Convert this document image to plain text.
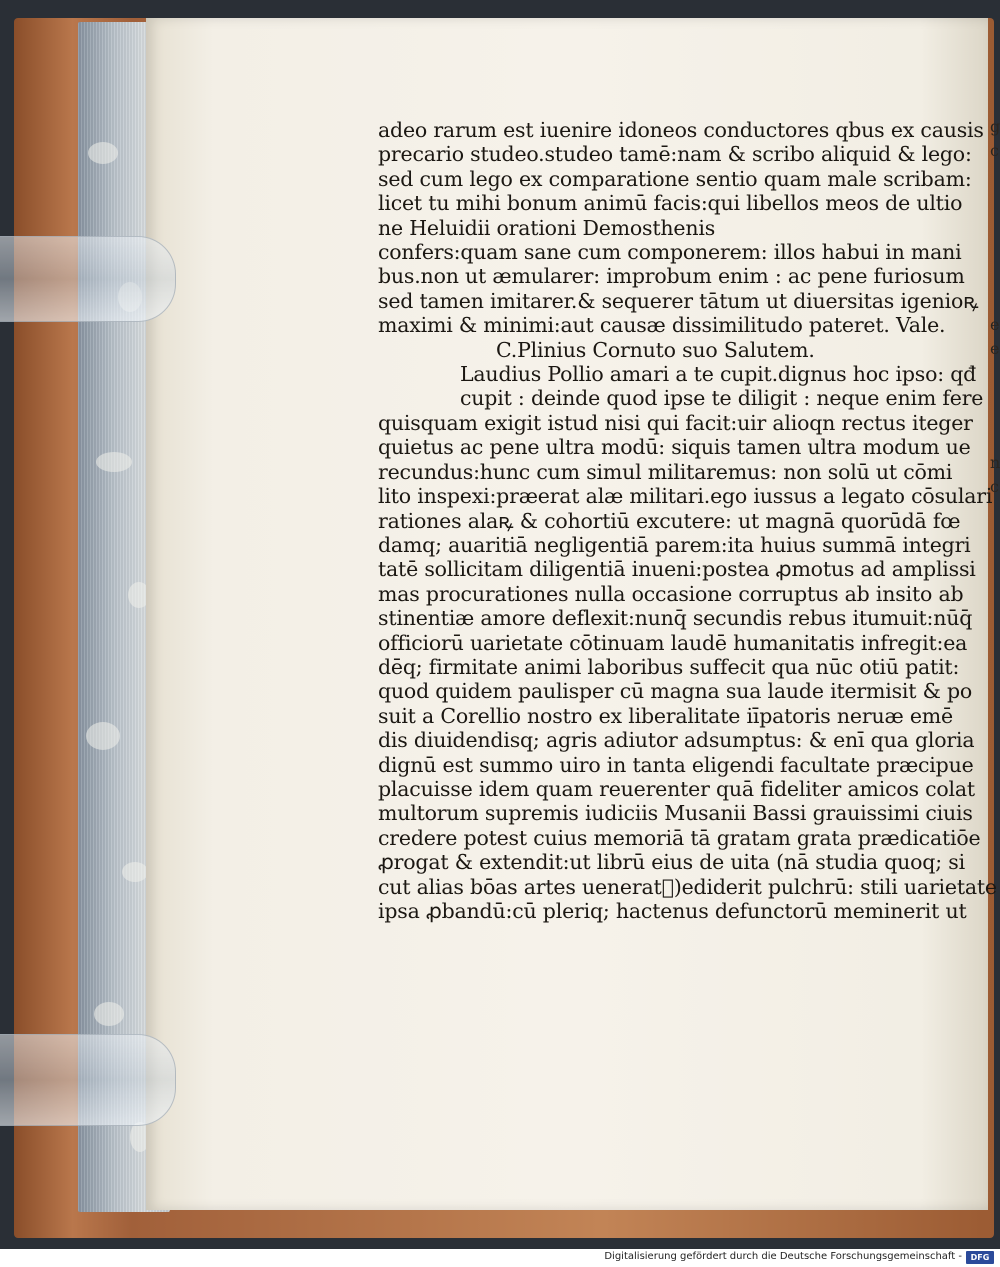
adeo rarum est iuenire idoneos conductores qbus ex causis
precario studeo.studeo tamē:nam & scribo aliquid & lego:
sed cum lego ex comparatione sentio quam male scribam:
licet tu mihi bonum animū facis:qui libellos meos de ultio
ne Heluidii orationi Demosthenis
confers:quam sane cum componerem: illos habui in mani
bus.non ut æmularer: improbum enim : ac pene furiosum
sed tamen imitarer.& sequerer tātum ut diuersitas igenioꝶ
maximi & minimi:aut causæ dissimilitudo pateret. Vale.
C.Plinius Cornuto suo Salutem.
Laudius Pollio amari a te cupit.dignus hoc ipso: qđ
cupit : deinde quod ipse te diligit : neque enim fere
quisquam exigit istud nisi qui facit:uir alioqn rectus iteger
quietus ac pene ultra modū: siquis tamen ultra modum ue
recundus:hunc cum simul militaremus: non solū ut cōmi
lito inspexi:præerat alæ militari.ego iussus a legato cōsulari
rationes alaꝶ & cohortiū excutere: ut magnā quorūdā fœ
damq; auaritiā negligentiā parem:ita huius summā integri
tatē sollicitam diligentiā inueni:postea ꝓmotus ad amplissi
mas procurationes nulla occasione corruptus ab insito ab
stinentiæ amore deflexit:nunq̄ secundis rebus itumuit:nūq̄
officiorū uarietate cōtinuam laudē humanitatis infregit:ea
dēq; firmitate animi laboribus suffecit qua nūc otiū patit:
quod quidem paulisper cū magna sua laude itermisit & po
suit a Corellio nostro ex liberalitate iīpatoris neruæ emē
dis diuidendisq; agris adiutor adsumptus: & enī qua gloria
dignū est summo uiro in tanta eligendi facultate præcipue
placuisse idem quam reuerenter quā fideliter amicos colat
multorum supremis iudiciis Musanii Bassi grauissimi ciuis
credere potest cuius memoriā tā gratam grata prædicatiōe
ꝓrogat & extendit:ut librū eius de uita (nā studia quoq; si
cut alias bōas artes ueneratᷣ)ediderit pulchrū: stili uarietate
ipsa ꝓbandū:cū pleriq; hactenus defunctorū meminerit ut
g
c
e
e
n
c
Digitalisierung gefördert durch die Deutsche Forschungsgemeinschaft -	DFG
